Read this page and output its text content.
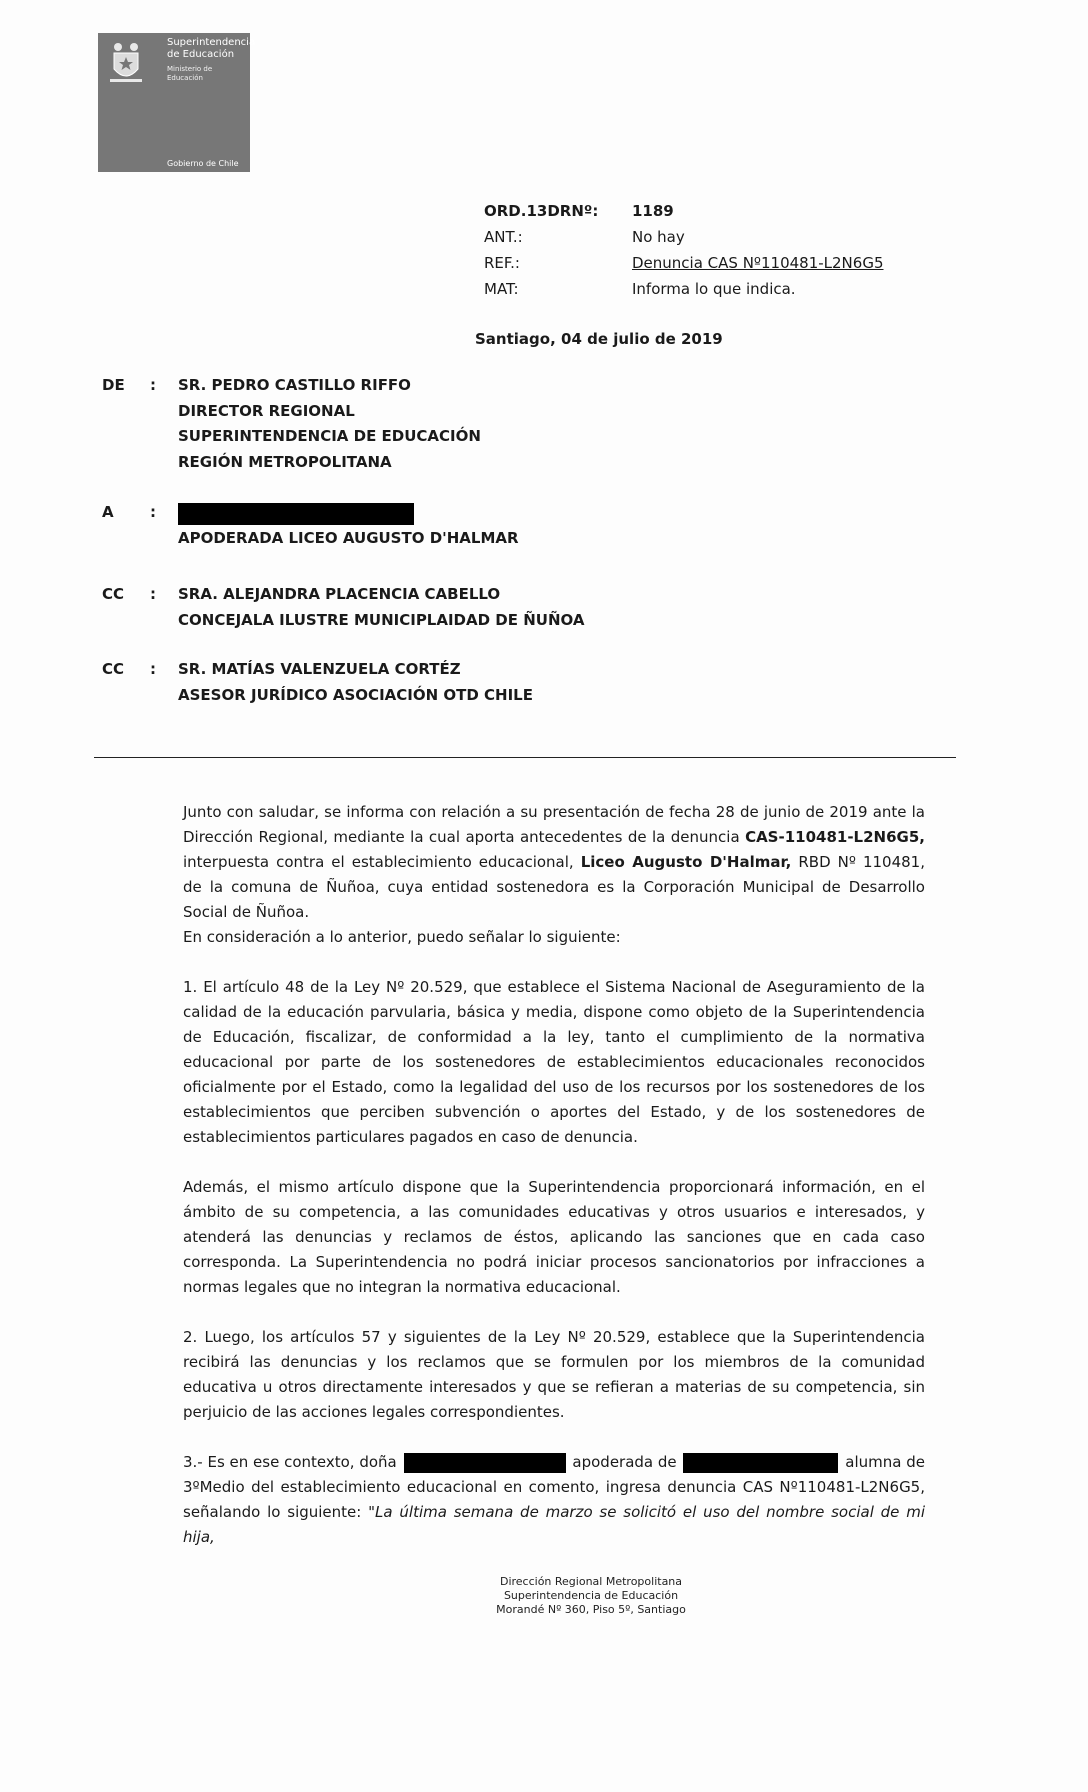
Superintendencia de Educación
Ministerio de Educación
Gobierno de Chile
ORD.13DRNº:	1189
ANT.:	No hay
REF.:	Denuncia CAS Nº110481-L2N6G5
MAT:	Informa lo que indica.
Santiago, 04 de julio de 2019
DE	: SR. PEDRO CASTILLO RIFFO
DIRECTOR REGIONAL
SUPERINTENDENCIA DE EDUCACIÓN
REGIÓN METROPOLITANA
A	:
APODERADA LICEO AUGUSTO D'HALMAR
CC	: SRA. ALEJANDRA PLACENCIA CABELLO
CONCEJALA ILUSTRE MUNICIPLAIDAD DE ÑUÑOA
CC	: SR. MATÍAS VALENZUELA CORTÉZ
ASESOR JURÍDICO ASOCIACIÓN OTD CHILE

Junto con saludar, se informa con relación a su presentación de fecha 28 de junio de 2019 ante la Dirección Regional, mediante la cual aporta antecedentes de la denuncia CAS-110481-L2N6G5, interpuesta contra el establecimiento educacional, Liceo Augusto D'Halmar, RBD Nº 110481, de la comuna de Ñuñoa, cuya entidad sostenedora es la Corporación Municipal de Desarrollo Social de Ñuñoa.

En consideración a lo anterior, puedo señalar lo siguiente:

1. El artículo 48 de la Ley Nº 20.529, que establece el Sistema Nacional de Aseguramiento de la calidad de la educación parvularia, básica y media, dispone como objeto de la Superintendencia de Educación, fiscalizar, de conformidad a la ley, tanto el cumplimiento de la normativa educacional por parte de los sostenedores de establecimientos educacionales reconocidos oficialmente por el Estado, como la legalidad del uso de los recursos por los sostenedores de los establecimientos que perciben subvención o aportes del Estado, y de los sostenedores de establecimientos particulares pagados en caso de denuncia.

Además, el mismo artículo dispone que la Superintendencia proporcionará información, en el ámbito de su competencia, a las comunidades educativas y otros usuarios e interesados, y atenderá las denuncias y reclamos de éstos, aplicando las sanciones que en cada caso corresponda. La Superintendencia no podrá iniciar procesos sancionatorios por infracciones a normas legales que no integran la normativa educacional.

2. Luego, los artículos 57 y siguientes de la Ley Nº 20.529, establece que la Superintendencia recibirá las denuncias y los reclamos que se formulen por los miembros de la comunidad educativa u otros directamente interesados y que se refieran a materias de su competencia, sin perjuicio de las acciones legales correspondientes.

3.- Es en ese contexto, doña	apoderada de	alumna de

3ºMedio del establecimiento educacional en comento, ingresa denuncia CAS Nº110481-L2N6G5, señalando lo siguiente: "La última semana de marzo se solicitó el uso del nombre social de mi hija,

Dirección Regional Metropolitana
Superintendencia de Educación
Morandé Nº 360, Piso 5º, Santiago
